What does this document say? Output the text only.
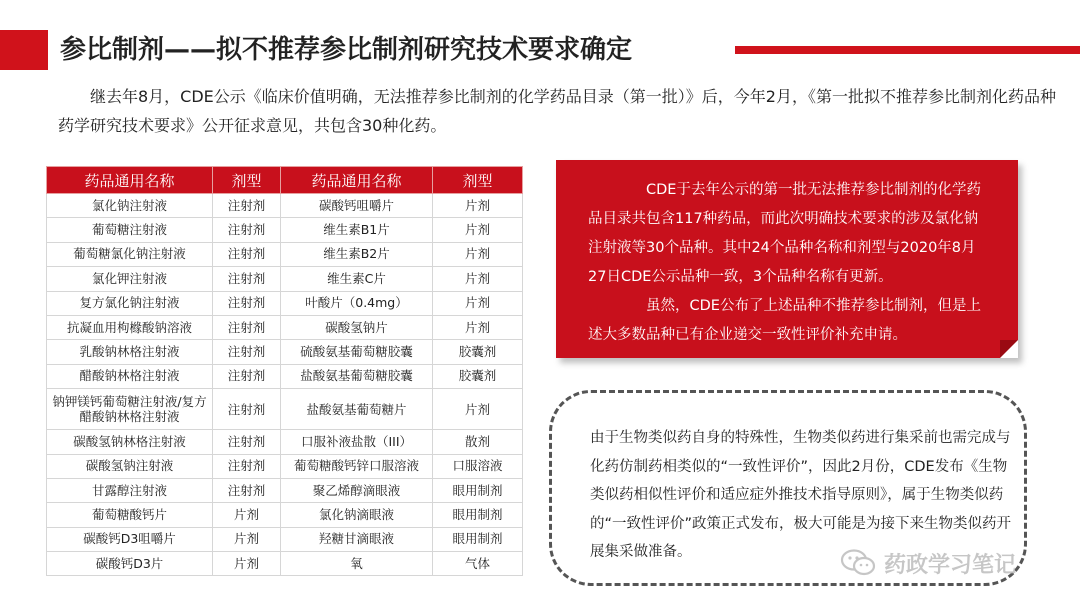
参比制剂——拟不推荐参比制剂研究技术要求确定
继去年8月，CDE公示《临床价值明确，无法推荐参比制剂的化学药品目录（第一批）》后，今年2月，《第一批拟不推荐参比制剂化药品种药学研究技术要求》公开征求意见，共包含30种化药。
药品通用名称	剂型	药品通用名称	剂型
氯化钠注射液	注射剂	碳酸钙咀嚼片	片剂
葡萄糖注射液	注射剂	维生素B1片	片剂
葡萄糖氯化钠注射液	注射剂	维生素B2片	片剂
氯化钾注射液	注射剂	维生素C片	片剂
复方氯化钠注射液	注射剂	叶酸片（0.4mg）	片剂
抗凝血用枸橼酸钠溶液	注射剂	碳酸氢钠片	片剂
乳酸钠林格注射液	注射剂	硫酸氨基葡萄糖胶囊	胶囊剂
醋酸钠林格注射液	注射剂	盐酸氨基葡萄糖胶囊	胶囊剂
钠钾镁钙葡萄糖注射液/复方醋酸钠林格注射液	注射剂	盐酸氨基葡萄糖片	片剂
碳酸氢钠林格注射液	注射剂	口服补液盐散（III）	散剂
碳酸氢钠注射液	注射剂	葡萄糖酸钙锌口服溶液	口服溶液
甘露醇注射液	注射剂	聚乙烯醇滴眼液	眼用制剂
葡萄糖酸钙片	片剂	氯化钠滴眼液	眼用制剂
碳酸钙D3咀嚼片	片剂	羟糖甘滴眼液	眼用制剂
碳酸钙D3片	片剂	氧	气体

CDE于去年公示的第一批无法推荐参比制剂的化学药品目录共包含117种药品，而此次明确技术要求的涉及氯化钠注射液等30个品种。其中24个品种名称和剂型与2020年8月27日CDE公示品种一致，3个品种名称有更新。

虽然，CDE公布了上述品种不推荐参比制剂，但是上述大多数品种已有企业递交一致性评价补充申请。

由于生物类似药自身的特殊性，生物类似药进行集采前也需完成与化药仿制药相类似的“一致性评价”，因此2月份，CDE发布《生物类似药相似性评价和适应症外推技术指导原则》，属于生物类似药的“一致性评价”政策正式发布，极大可能是为接下来生物类似药开展集采做准备。
药政学习笔记
